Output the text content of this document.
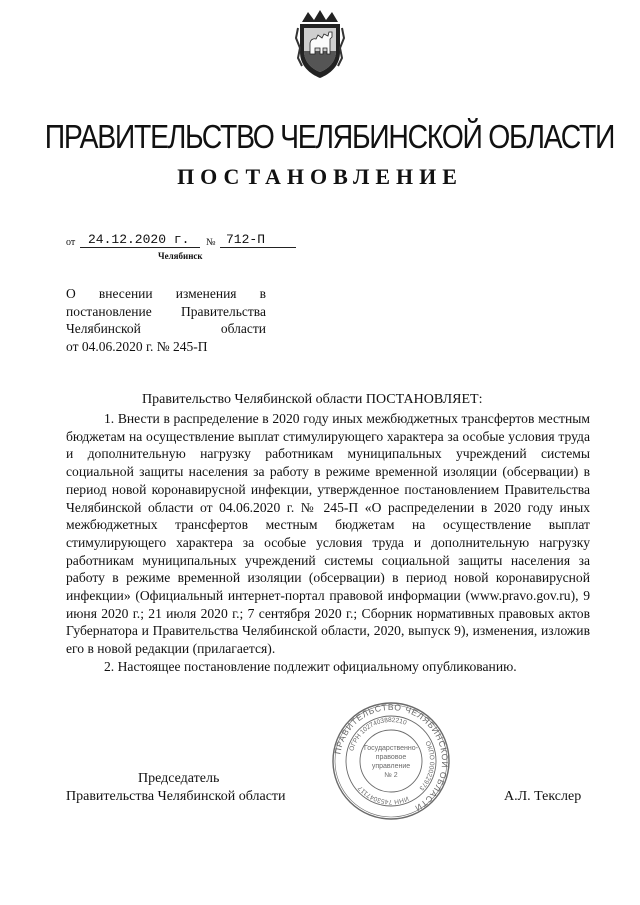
ПРАВИТЕЛЬСТВО ЧЕЛЯБИНСКОЙ ОБЛАСТИ
ПОСТАНОВЛЕНИЕ
от 24.12.2020 г. № 712-П
Челябинск
О внесении изменения в
постановление Правительства
Челябинской области
от 04.06.2020 г. № 245-П
Правительство Челябинской области ПОСТАНОВЛЯЕТ:

1. Внести в распределение в 2020 году иных межбюджетных трансфертов местным бюджетам на осуществление выплат стимулирующего характера за особые условия труда и дополнительную нагрузку работникам муниципальных учреждений системы социальной защиты населения за работу в режиме временной изоляции (обсервации) в период новой коронавирусной инфекции, утвержденное постановлением Правительства Челябинской области от 04.06.2020 г. № 245-П «О распределении в 2020 году иных межбюджетных трансфертов местным бюджетам на осуществление выплат стимулирующего характера за особые условия труда и дополнительную нагрузку работникам муниципальных учреждений системы социальной защиты населения за работу в режиме временной изоляции (обсервации) в период новой коронавирусной инфекции» (Официальный интернет-портал правовой информации (www.pravo.gov.ru), 9 июня 2020 г.; 21 июля 2020 г.; 7 сентября 2020 г.; Сборник нормативных правовых актов Губернатора и Правительства Челябинской области, 2020, выпуск 9), изменения, изложив его в новой редакции (прилагается).

2. Настоящее постановление подлежит официальному опубликованию.

ПРАВИТЕЛЬСТВО ЧЕЛЯБИНСКОЙ ОБЛАСТИ
ОГРН 1027403882210
ОКПО 00022973
ИНН 7453047117
Государственно-
правовое
управление
№ 2
Председатель
Правительства Челябинской области	А.Л. Текслер
